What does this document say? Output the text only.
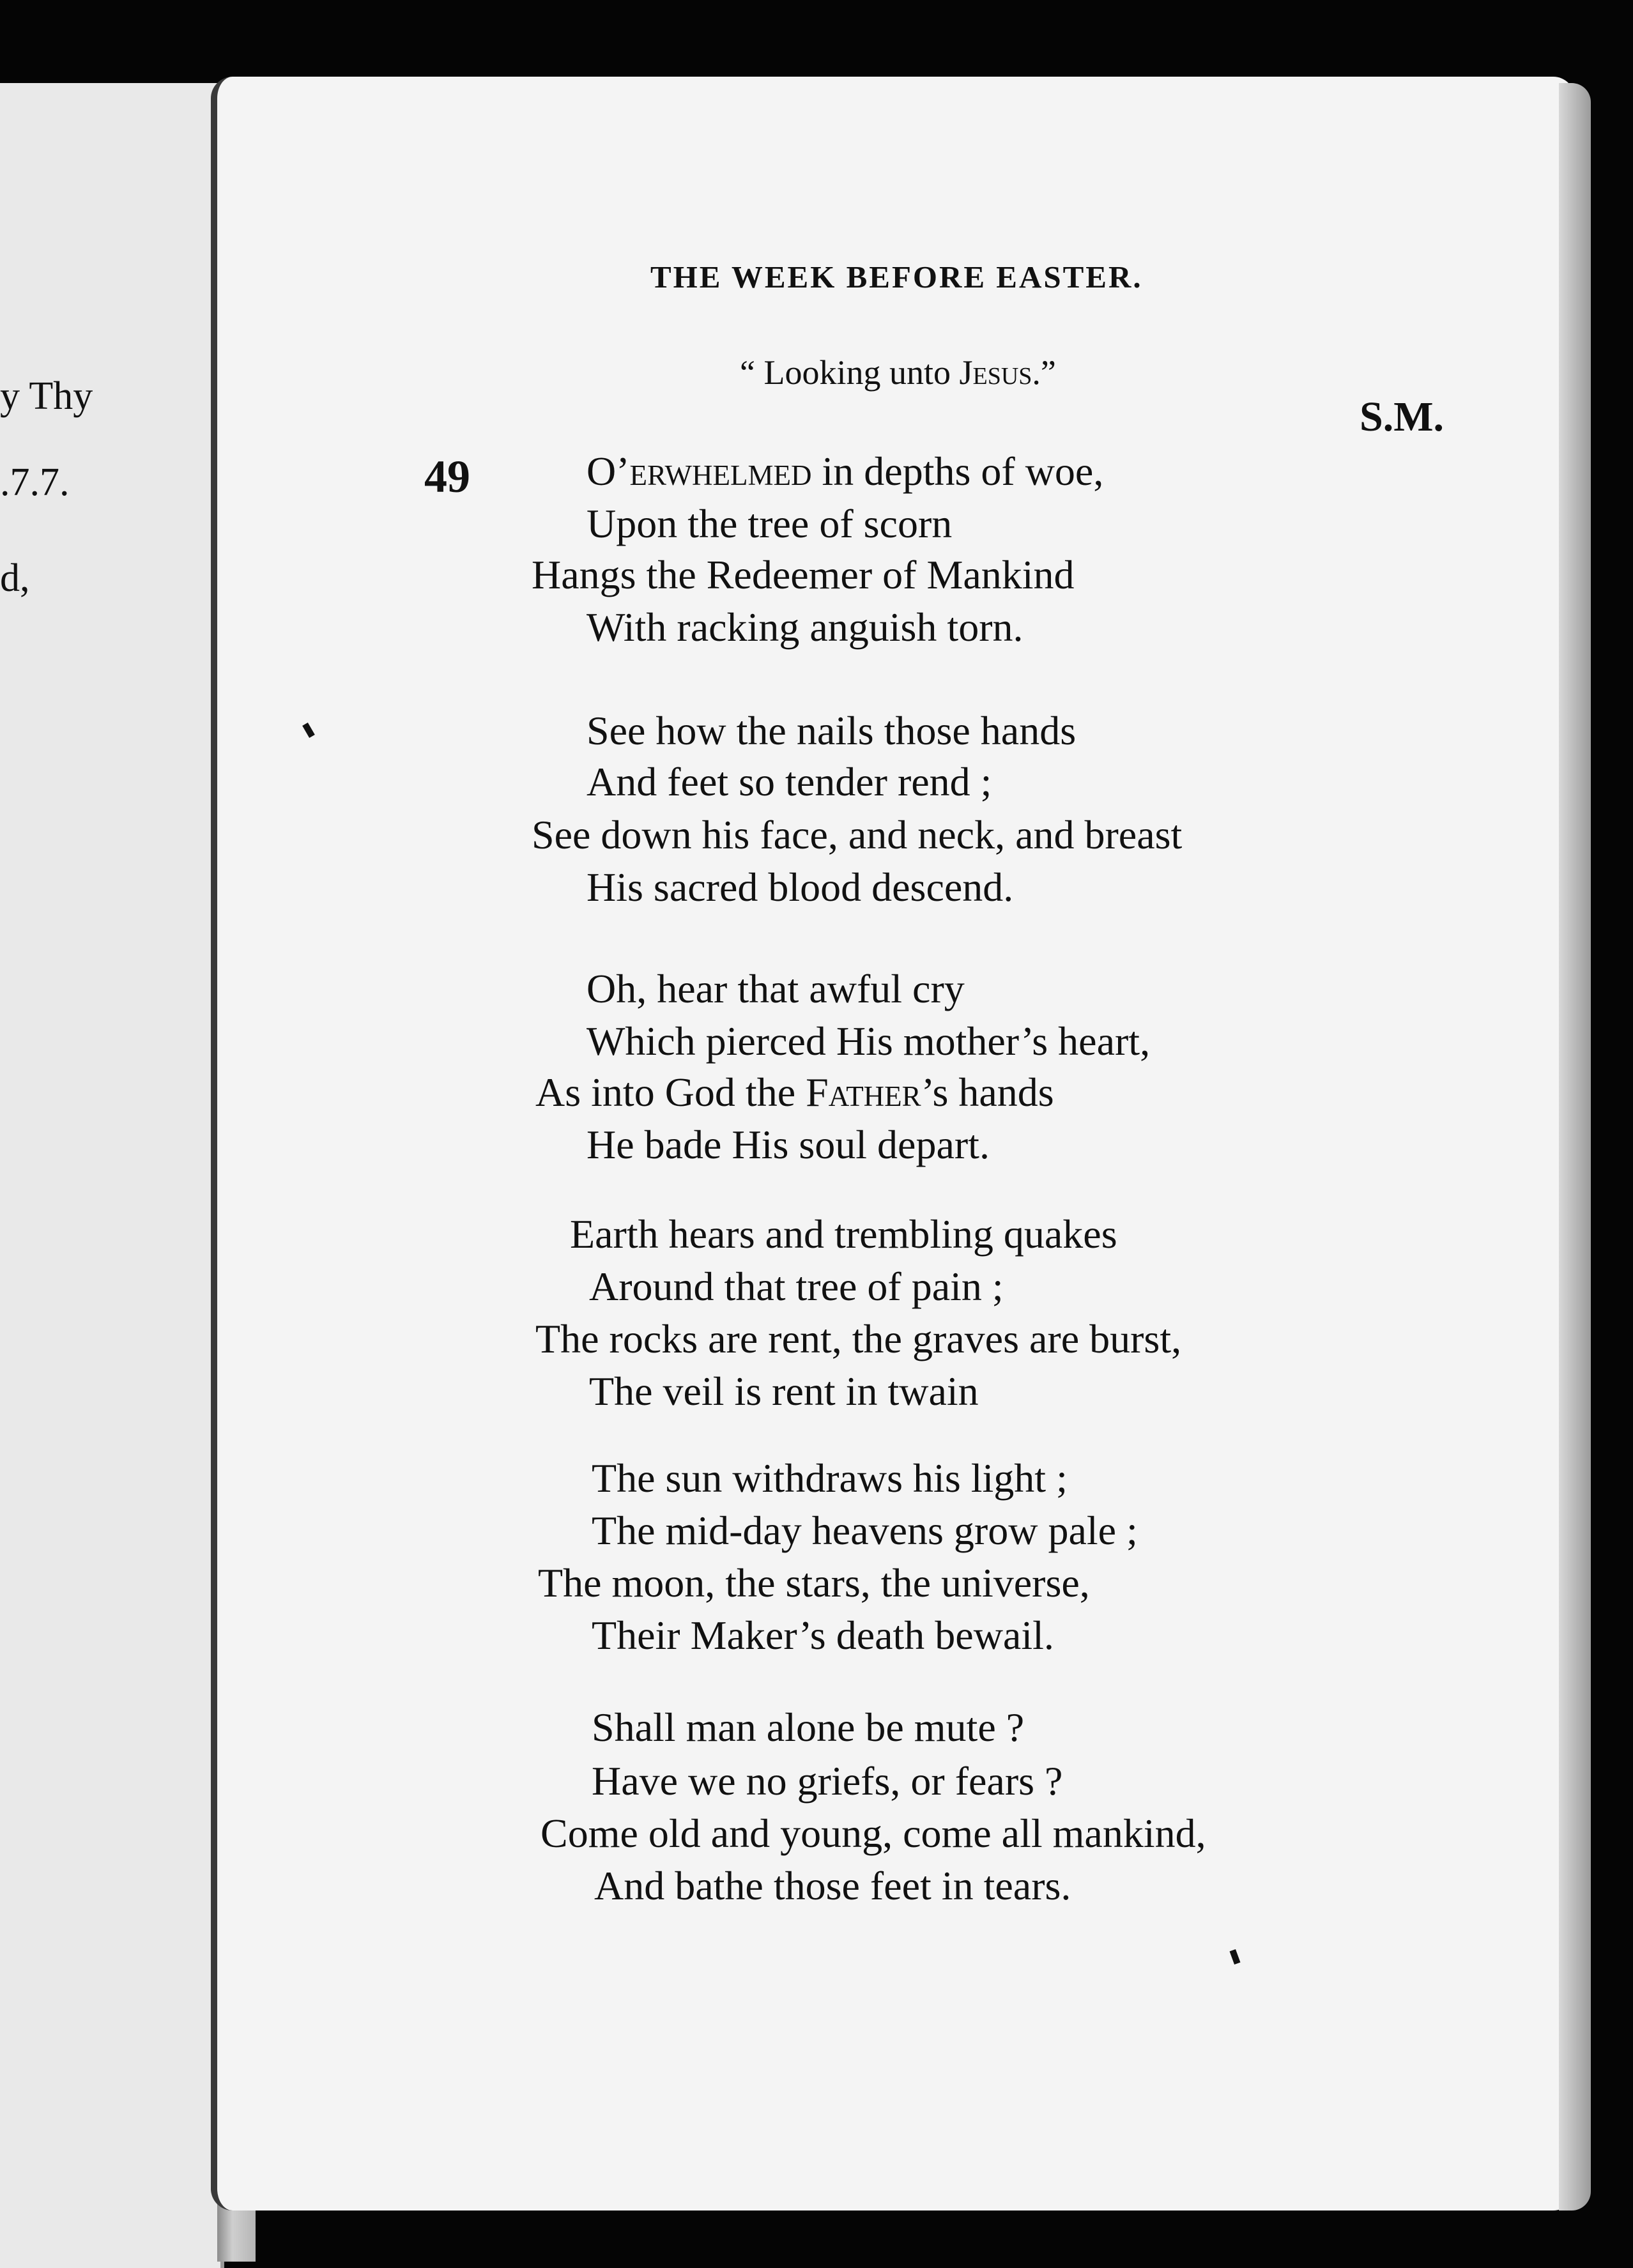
y Thy
.7.7.
d,
THE WEEK BEFORE EASTER.
“ Looking unto Jesus.”
S.M.
49	O’erwhelmed in depths of woe,
Upon the tree of scorn
Hangs the Redeemer of Mankind
With racking anguish torn.
See how the nails those hands
And feet so tender rend ;
See down his face, and neck, and breast
His sacred blood descend.
Oh, hear that awful cry
Which pierced His mother’s heart,
As into God the Father’s hands
He bade His soul depart.
Earth hears and trembling quakes
Around that tree of pain ;
The rocks are rent, the graves are burst,
The veil is rent in twain
The sun withdraws his light ;
The mid-day heavens grow pale ;
The moon, the stars, the universe,
Their Maker’s death bewail.
Shall man alone be mute ?
Have we no griefs, or fears ?
Come old and young, come all mankind,
And bathe those feet in tears.
